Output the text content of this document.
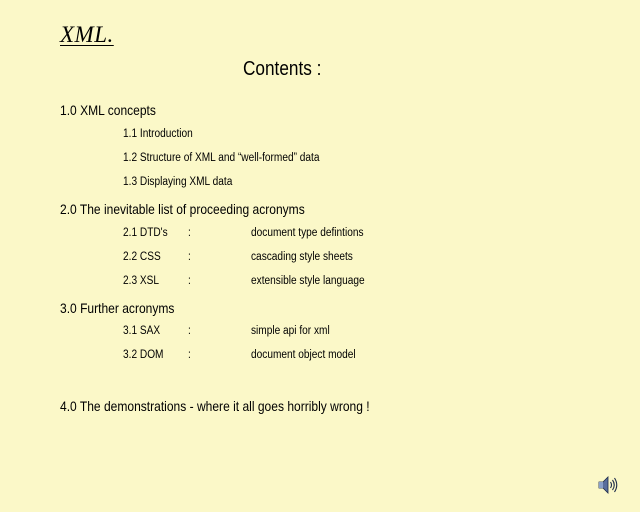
XML.
Contents :
1.0 XML concepts
1.1 Introduction
1.2 Structure of XML and “well-formed” data
1.3 Displaying XML data
2.0 The inevitable list of proceeding acronyms
2.1 DTD's :	document type defintions
2.2 CSS :	cascading style sheets
2.3 XSL	:	extensible style language
3.0 Further acronyms
3.1 SAX :	simple api for xml
3.2 DOM :	document object model
4.0 The demonstrations - where it all goes horribly wrong !
